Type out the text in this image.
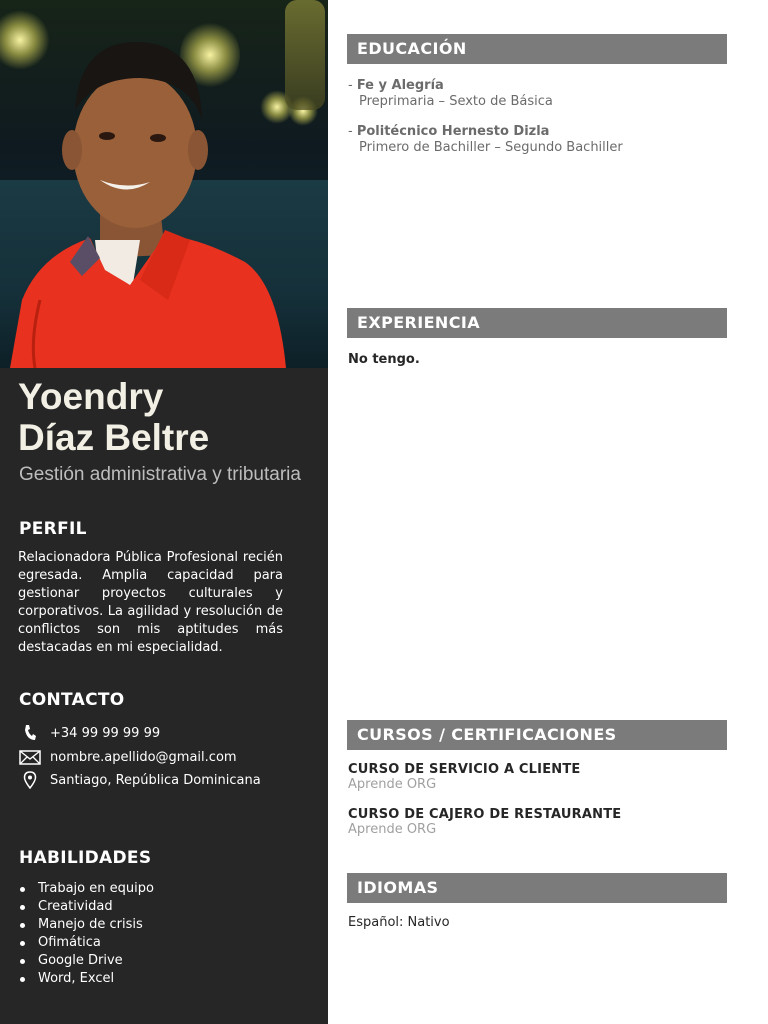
Yoendry
Díaz Beltre
Gestión administrativa y tributaria
PERFIL
Relacionadora Pública Profesional recién egresada. Amplia capacidad para gestionar proyectos culturales y corporativos. La agilidad y resolución de conflictos son mis aptitudes más destacadas en mi especialidad.
CONTACTO
+34 99 99 99 99
nombre.apellido@gmail.com
Santiago, República Dominicana
HABILIDADES
Trabajo en equipo
Creatividad
Manejo de crisis
Ofimática
Google Drive
Word, Excel
EDUCACIÓN
- Fe y Alegría
Preprimaria – Sexto de Básica
- Politécnico Hernesto Dizla
Primero de Bachiller – Segundo Bachiller
EXPERIENCIA
No tengo.
CURSOS / CERTIFICACIONES
CURSO DE SERVICIO A CLIENTE
Aprende ORG
CURSO DE CAJERO DE RESTAURANTE
Aprende ORG
IDIOMAS
Español: Nativo
